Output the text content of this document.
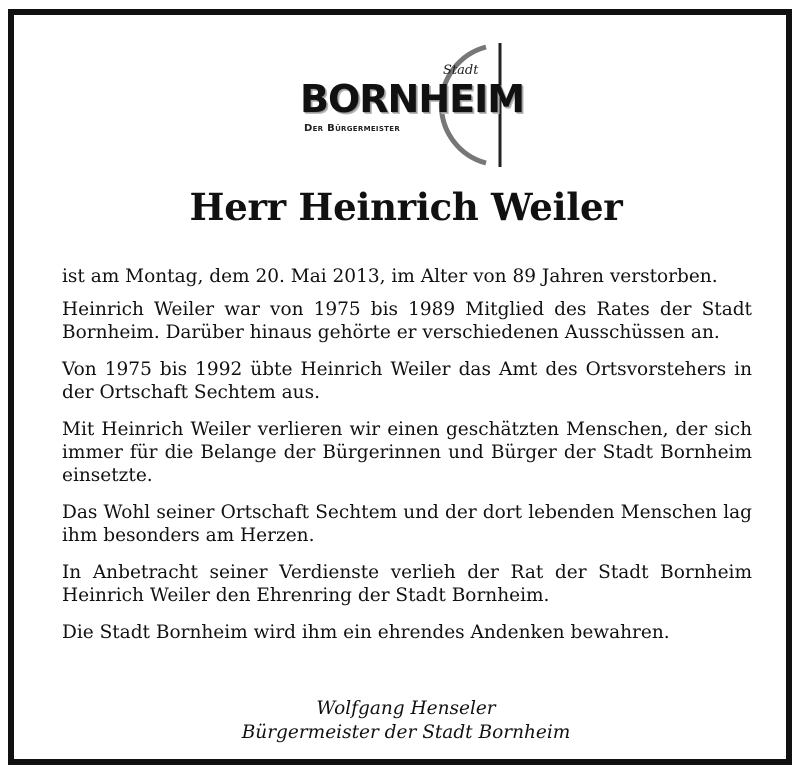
Stadt
BORNHEIM
Der Bürgermeister
Herr Heinrich Weiler

ist am Montag, dem 20. Mai 2013, im Alter von 89 Jahren verstorben.

Heinrich Weiler war von 1975 bis 1989 Mitglied des Rates der Stadt Bornheim. Darüber hinaus gehörte er verschiedenen Ausschüssen an.

Von 1975 bis 1992 übte Heinrich Weiler das Amt des Ortsvorstehers in der Ortschaft Sechtem aus.

Mit Heinrich Weiler verlieren wir einen geschätzten Menschen, der sich immer für die Belange der Bürgerinnen und Bürger der Stadt Bornheim einsetzte.

Das Wohl seiner Ortschaft Sechtem und der dort lebenden Menschen lag ihm besonders am Herzen.

In Anbetracht seiner Verdienste verlieh der Rat der Stadt Bornheim Heinrich Weiler den Ehrenring der Stadt Bornheim.

Die Stadt Bornheim wird ihm ein ehrendes Andenken bewahren.

Wolfgang Henseler
Bürgermeister der Stadt Bornheim
